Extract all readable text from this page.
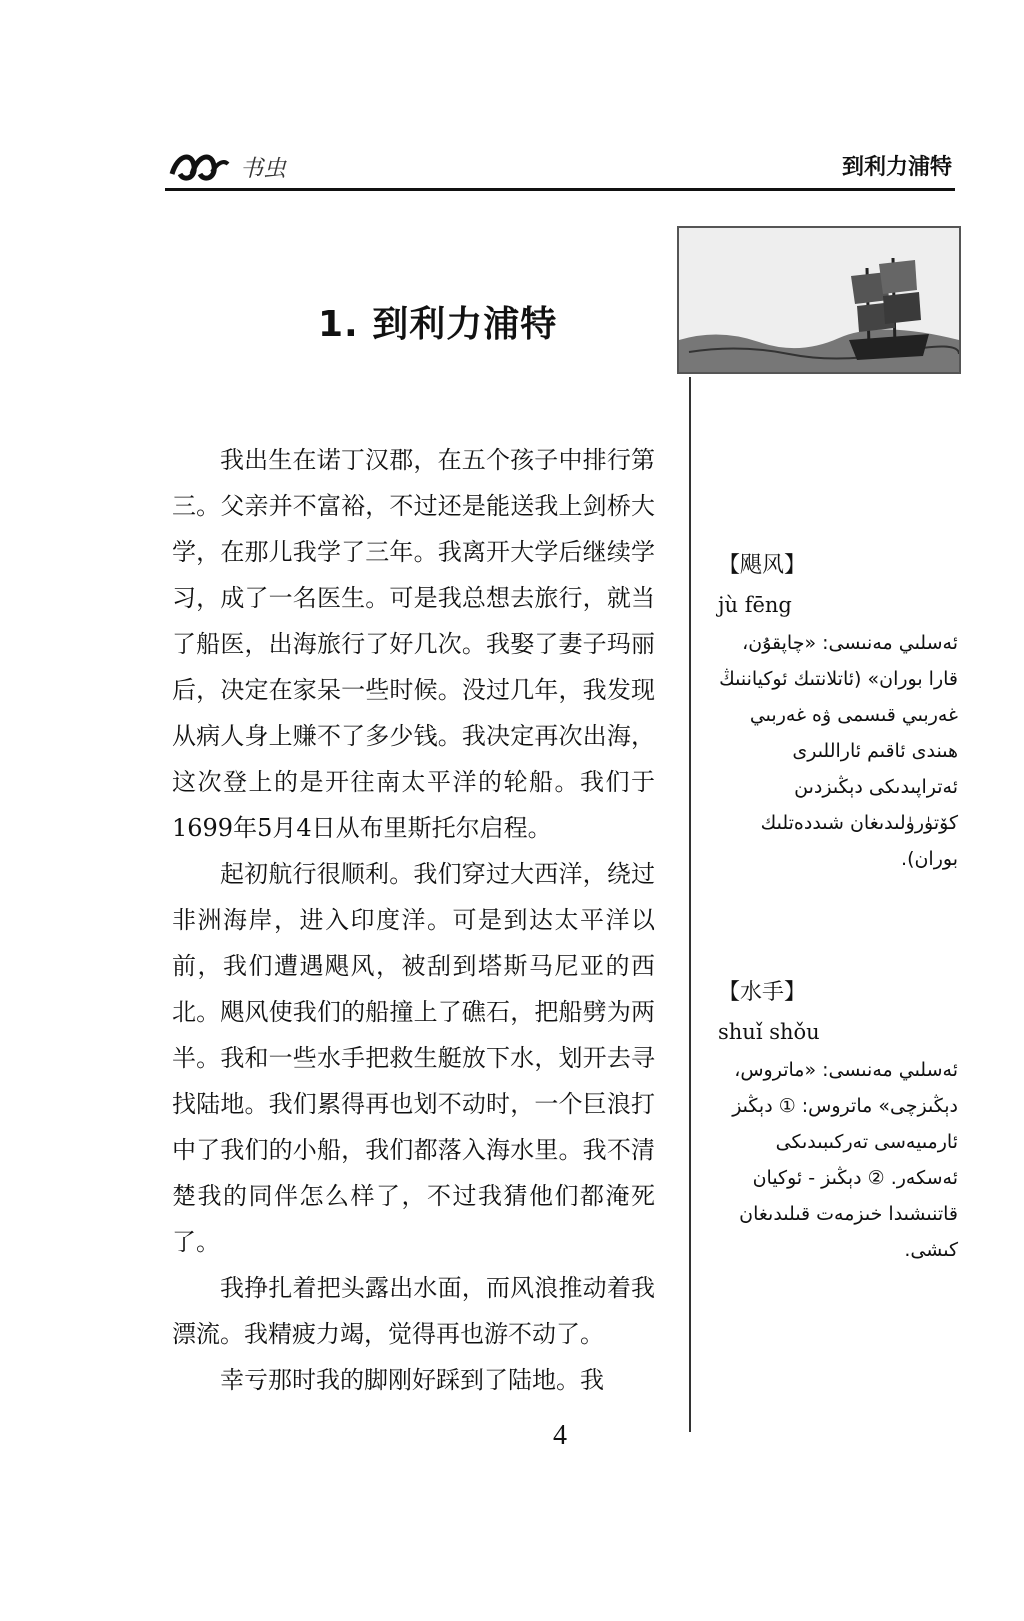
书虫	到利力浦特
1. 到利力浦特

我出生在诺丁汉郡，在五个孩子中排行第三。父亲并不富裕，不过还是能送我上剑桥大学，在那儿我学了三年。我离开大学后继续学习，成了一名医生。可是我总想去旅行，就当了船医，出海旅行了好几次。我娶了妻子玛丽后，决定在家呆一些时候。没过几年，我发现从病人身上赚不了多少钱。我决定再次出海，这次登上的是开往南太平洋的轮船。我们于1699年5月4日从布里斯托尔启程。

起初航行很顺利。我们穿过大西洋，绕过非洲海岸，进入印度洋。可是到达太平洋以前，我们遭遇飓风，被刮到塔斯马尼亚的西北。飓风使我们的船撞上了礁石，把船劈为两半。我和一些水手把救生艇放下水，划开去寻找陆地。我们累得再也划不动时，一个巨浪打中了我们的小船，我们都落入海水里。我不清楚我的同伴怎么样了，不过我猜他们都淹死了。

我挣扎着把头露出水面，而风浪推动着我漂流。我精疲力竭，觉得再也游不动了。

幸亏那时我的脚刚好踩到了陆地。我

【飓风】
jù fēng
ئەسلىي مەنىسى: «چاپقۇن، قارا بوران» (ئاتلانتىك ئوكياننىڭ غەربىي قىسمى ۋە غەربىي ھىندى ئاقىم ئاراللىرى ئەتراپىدىكى دېڭىزدىن كۆتۈرۈلىدىغان شىددەتلىك بوران).
【水手】
shuǐ shǒu
ئەسلىي مەنىسى: «ماتروس، دېڭىزچى» ماتروس: ① دېڭىز ئارمىيەسى تەركىبىدىكى ئەسكەر. ② دېڭىز - ئوكيان قاتنىشىدا خىزمەت قىلىدىغان كىشى.
4
